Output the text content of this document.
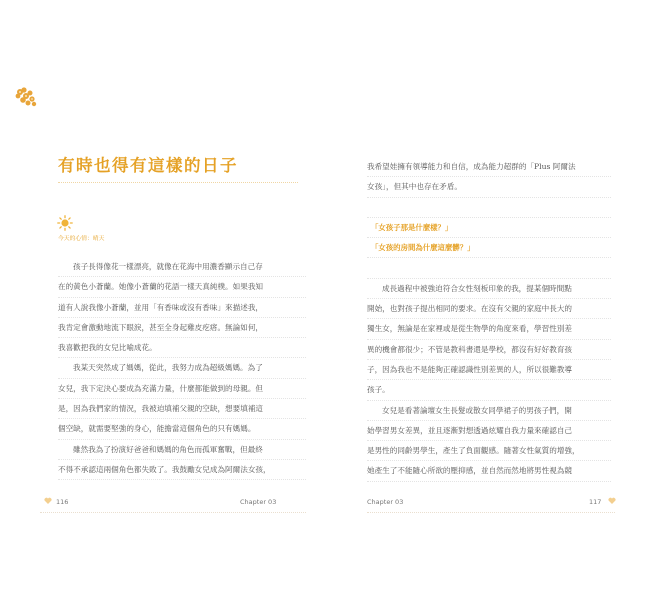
有時也得有這樣的日子

今天的心情：晴天

孩子長得像花一樣漂亮，就像在花海中用濃香顯示自己存
在的黃色小蒼蘭。她像小蒼蘭的花語一樣天真純樸。如果我知
道有人說我像小蒼蘭，並用「有香味或沒有香味」來描述我，
我肯定會激動地流下眼淚，甚至全身起雞皮疙瘩。無論如何，
我喜歡把我的女兒比喻成花。
我某天突然成了媽媽，從此，我努力成為超級媽媽。為了
女兒，我下定決心要成為充滿力量，什麼都能做到的母親。但
是，因為我們家的情況，我被迫填補父親的空缺，想要填補這
個空缺，就需要堅強的身心，能擔當這個角色的只有媽媽。
雖然我為了扮演好爸爸和媽媽的角色而孤軍奮戰，但最終
不得不承認這兩個角色都失敗了。我鼓勵女兒成為阿爾法女孩，

116	Chapter 03

我希望娃擁有領導能力和自信，成為能力超群的「Plus 阿爾法
女孩」，但其中也存在矛盾。
「女孩子那是什麼樣？」
「女孩的房間為什麼這麼髒？」
成長過程中被強迫符合女性刻板印象的我，提某個時間點
開始，也對孩子提出相同的要求。在沒有父親的家庭中長大的
獨生女，無論是在家裡或是從生物學的角度來看，學習性別差
異的機會都很少；不管是教科書還是學校，都沒有好好教育孩
子，因為我也不是能夠正確認識性別差異的人，所以很難教導
孩子。
女兒是看著論壇女生長髮或散女同學裙子的男孩子們，開
始學習男女差異，並且逐漸對想透過炫耀自我力量來確認自己
是男性的同齡男學生，產生了負面觀感。隨著女性氣質的增強，
她產生了不能隨心所欲的壓抑感，並自然而然地將男性視為競

Chapter 03	117
